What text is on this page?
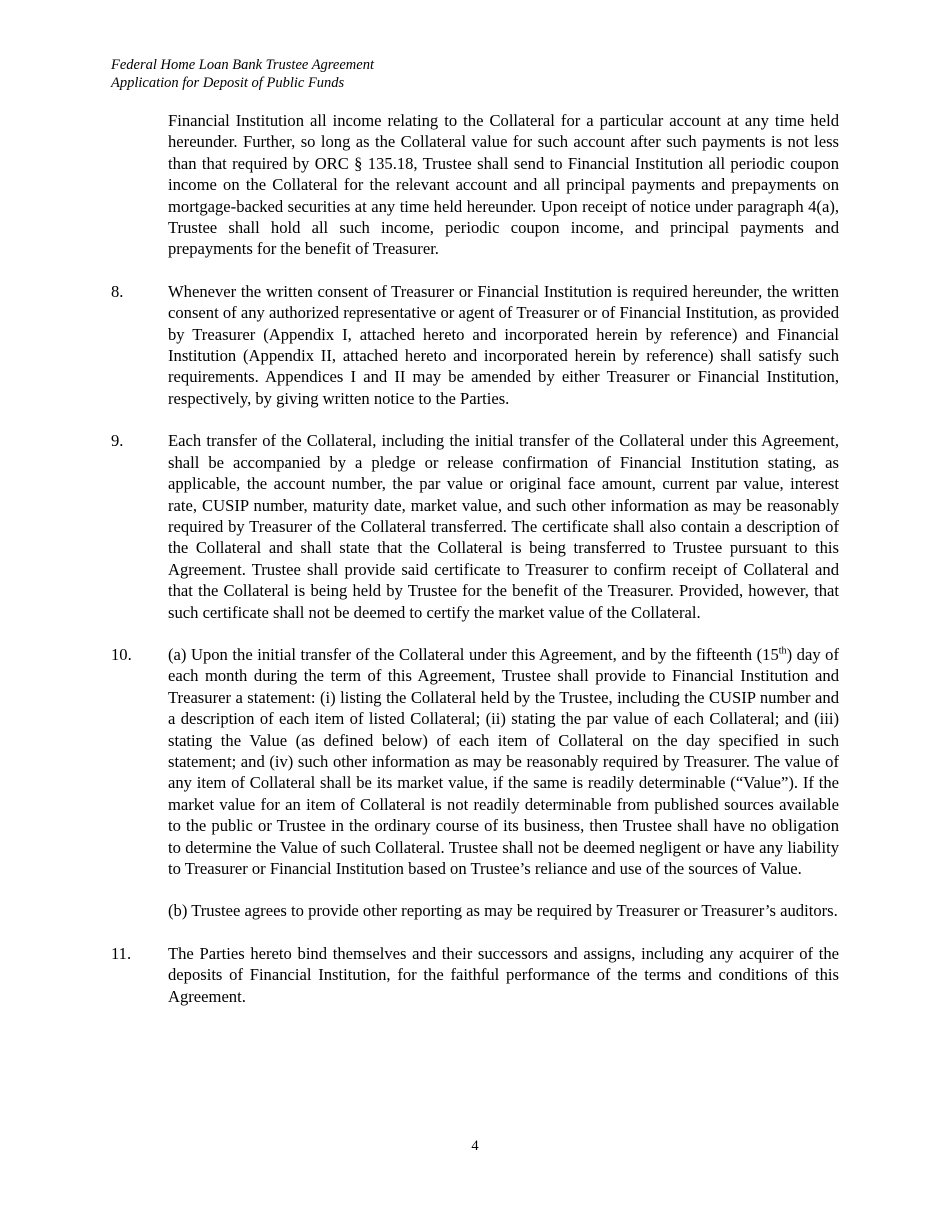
Federal Home Loan Bank Trustee Agreement
Application for Deposit of Public Funds

Financial Institution all income relating to the Collateral for a particular account at any time held hereunder. Further, so long as the Collateral value for such account after such payments is not less than that required by ORC § 135.18, Trustee shall send to Financial Institution all periodic coupon income on the Collateral for the relevant account and all principal payments and prepayments on mortgage-backed securities at any time held hereunder. Upon receipt of notice under paragraph 4(a), Trustee shall hold all such income, periodic coupon income, and principal payments and prepayments for the benefit of Treasurer.

8.	Whenever the written consent of Treasurer or Financial Institution is required hereunder, the written consent of any authorized representative or agent of Treasurer or of Financial Institution, as provided by Treasurer (Appendix I, attached hereto and incorporated herein by reference) and Financial Institution (Appendix II, attached hereto and incorporated herein by reference) shall satisfy such requirements. Appendices I and II may be amended by either Treasurer or Financial Institution, respectively, by giving written notice to the Parties.
9.	Each transfer of the Collateral, including the initial transfer of the Collateral under this Agreement, shall be accompanied by a pledge or release confirmation of Financial Institution stating, as applicable, the account number, the par value or original face amount, current par value, interest rate, CUSIP number, maturity date, market value, and such other information as may be reasonably required by Treasurer of the Collateral transferred. The certificate shall also contain a description of the Collateral and shall state that the Collateral is being transferred to Trustee pursuant to this Agreement. Trustee shall provide said certificate to Treasurer to confirm receipt of Collateral and that the Collateral is being held by Trustee for the benefit of the Treasurer. Provided, however, that such certificate shall not be deemed to certify the market value of the Collateral.
10.	(a) Upon the initial transfer of the Collateral under this Agreement, and by the fifteenth (15th) day of each month during the term of this Agreement, Trustee shall provide to Financial Institution and Treasurer a statement: (i) listing the Collateral held by the Trustee, including the CUSIP number and a description of each item of listed Collateral; (ii) stating the par value of each Collateral; and (iii) stating the Value (as defined below) of each item of Collateral on the day specified in such statement; and (iv) such other information as may be reasonably required by Treasurer. The value of any item of Collateral shall be its market value, if the same is readily determinable (“Value”). If the market value for an item of Collateral is not readily determinable from published sources available to the public or Trustee in the ordinary course of its business, then Trustee shall have no obligation to determine the Value of such Collateral. Trustee shall not be deemed negligent or have any liability to Treasurer or Financial Institution based on Trustee’s reliance and use of the sources of Value.
(b) Trustee agrees to provide other reporting as may be required by Treasurer or Treasurer’s auditors.
11.	The Parties hereto bind themselves and their successors and assigns, including any acquirer of the deposits of Financial Institution, for the faithful performance of the terms and conditions of this Agreement.
4
